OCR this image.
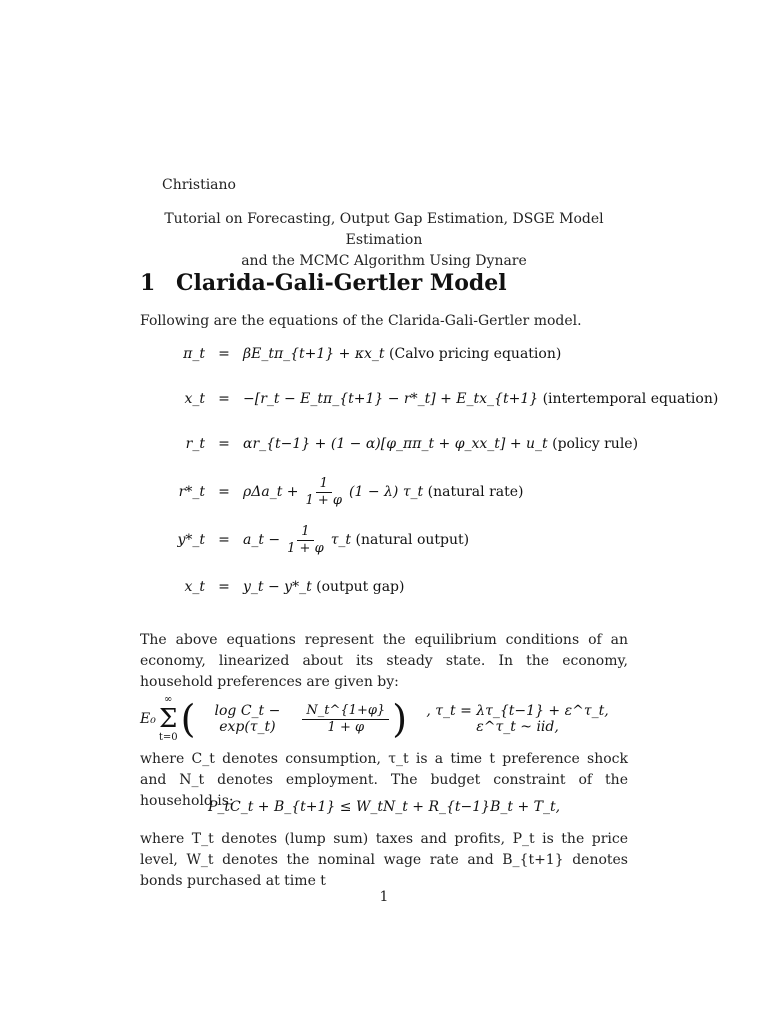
Christiano
Tutorial on Forecasting, Output Gap Estimation, DSGE Model Estimation
and the MCMC Algorithm Using Dynare
1 Clarida-Gali-Gertler Model
Following are the equations of the Clarida-Gali-Gertler model.
π_t = βE_tπ_{t+1} + κx_t
(Calvo pricing equation)
x_t = −[r_t − E_tπ_{t+1} − r*_t] + E_tx_{t+1}
(intertemporal equation)
r_t = αr_{t−1} + (1 − α)[φ_ππ_t + φ_xx_t] + u_t
(policy rule)
r*_t = ρΔa_t + $\frac{1}{1 + \varphi} (1 - \lambda)$ τ_t
(natural rate)
y*_t = a_t − $\frac{1}{1 + \varphi}$ τ_t
(natural output)
x_t = y_t − y*_t
(output gap)
The above equations represent the equilibrium conditions of an economy, linearized about its steady state. In the economy, household preferences are given by:
E₀
∞
Σ
t=0 (	log C_t − exp(τ_t)	$\frac{N\_t\^{}\{1+\varphi\}}{1 + \varphi}$ )	, τ_t = λτ_{t−1} + ε^τ_t, ε^τ_t ~ iid,
where C_t denotes consumption, τ_t is a time t preference shock and N_t denotes employment. The budget constraint of the household is:
P_tC_t + B_{t+1} ≤ W_tN_t + R_{t−1}B_t + T_t,
where T_t denotes (lump sum) taxes and profits, P_t is the price level, W_t denotes the nominal wage rate and B_{t+1} denotes bonds purchased at time t
1
